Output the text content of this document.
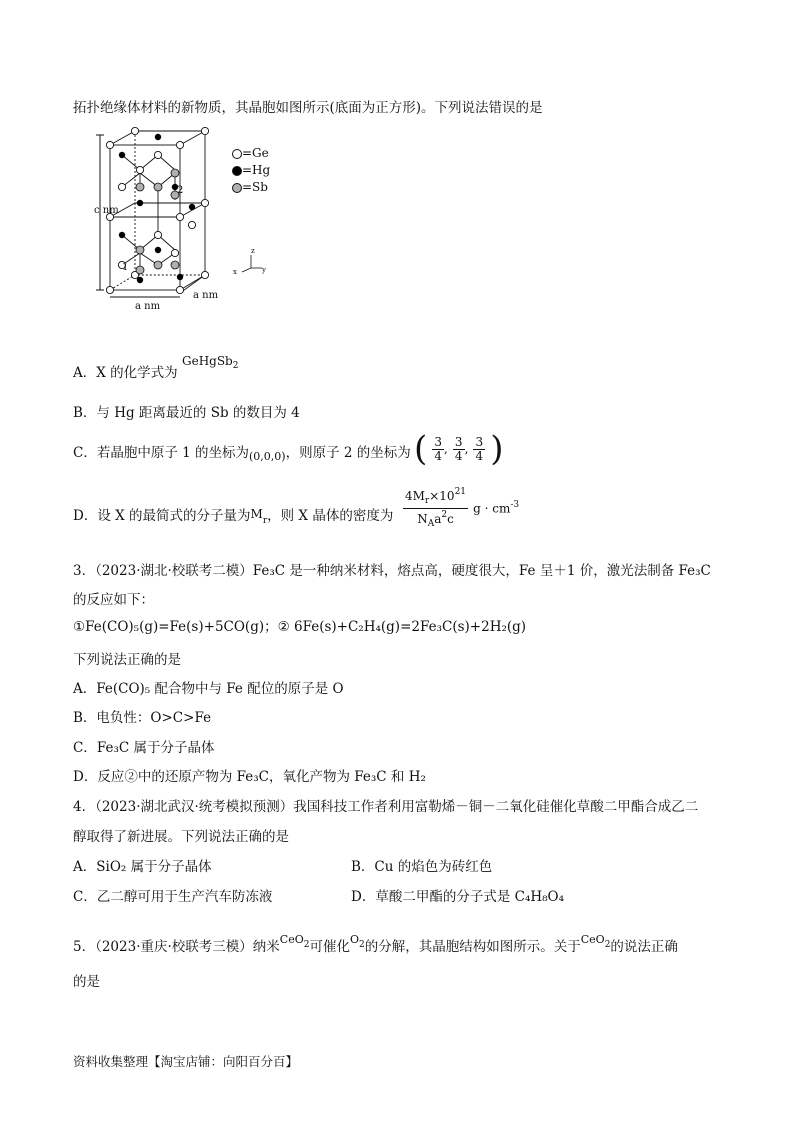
拓扑绝缘体材料的新物质，其晶胞如图所示(底面为正方形)。下列说法错误的是
c nm
a nm
a nm
1
2
=Ge
=Hg
=Sb
z
x	y
A．X 的化学式为
GeHgSb$_2$
B．与 Hg 距离最近的 Sb 的数目为 4
C．若晶胞中原子 1 的坐标为$_{(0,0,0)}$，则原子 2 的坐标为 ( $\frac{3}{4}$ , $\frac{3}{4}$ , $\frac{3}{4}$ )
D．设 X 的最简式的分子量为$M_r$，则 X 晶体的密度为 $\frac{4M_r\times 10^{21}}{N_Aa^2c}$ $g \cdot cm^{-3}$
3．（2023·湖北·校联考二模）Fe₃C 是一种纳米材料，熔点高，硬度很大，Fe 呈＋1 价，激光法制备 Fe₃C
的反应如下：
①Fe(CO)₅(g)=Fe(s)+5CO(g)；② 6Fe(s)+C₂H₄(g)=2Fe₃C(s)+2H₂(g)
下列说法正确的是
A．Fe(CO)₅ 配合物中与 Fe 配位的原子是 O
B．电负性：O>C>Fe
C．Fe₃C 属于分子晶体
D．反应②中的还原产物为 Fe₃C，氧化产物为 Fe₃C 和 H₂
4．（2023·湖北武汉·统考模拟预测）我国科技工作者利用富勒烯－铜－二氧化硅催化草酸二甲酯合成乙二
醇取得了新进展。下列说法正确的是
A．SiO₂ 属于分子晶体	B．Cu 的焰色为砖红色
C．乙二醇可用于生产汽车防冻液	D．草酸二甲酯的分子式是 C₄H₈O₄
5．（2023·重庆·校联考三模）纳米$^{CeO}_2$可催化$^O_2$的分解，其晶胞结构如图所示。关于$^{CeO}_2$的说法正确
的是
资料收集整理【淘宝店铺：向阳百分百】
